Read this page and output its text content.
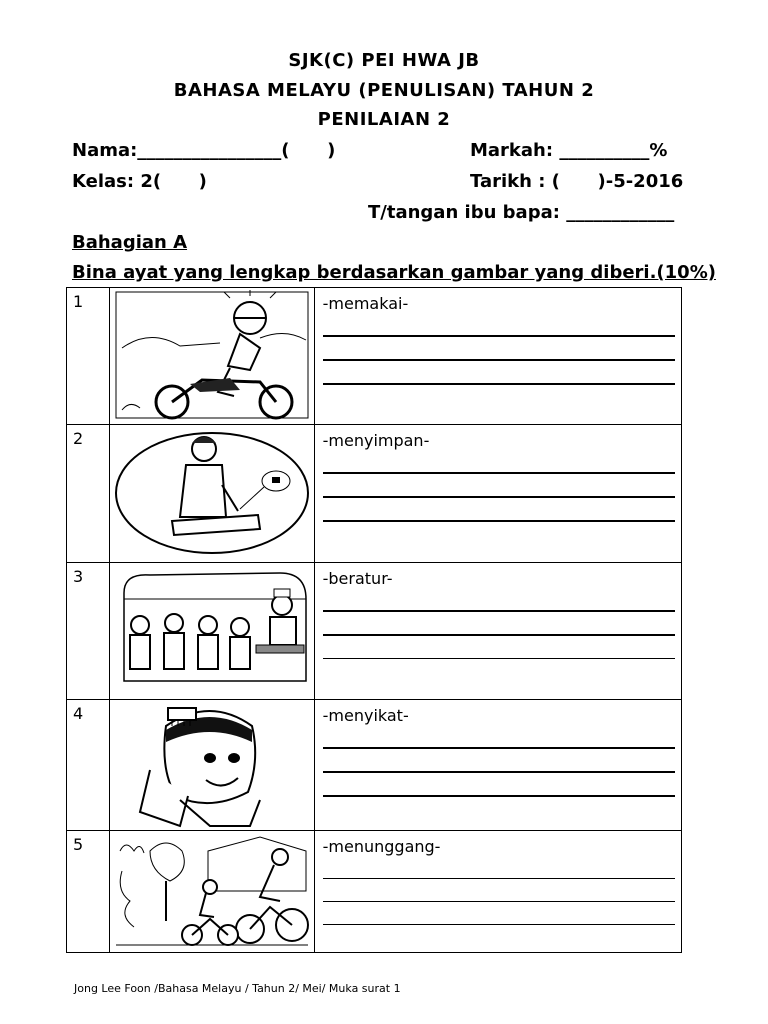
SJK(C) PEI HWA JB
BAHASA MELAYU (PENULISAN) TAHUN 2
PENILAIAN 2
Nama:________________(      )	Markah: __________%
Kelas: 2(      )	Tarikh : (      )-5-2016
T/tangan ibu bapa: ____________
Bahagian A
Bina ayat yang lengkap berdasarkan gambar yang diberi.(10%)
1		-memakai-

2		-menyimpan-

3		-beratur-

4		-menyikat-

5		-menunggang-
Jong Lee Foon /Bahasa Melayu / Tahun 2/ Mei/ Muka surat 1
